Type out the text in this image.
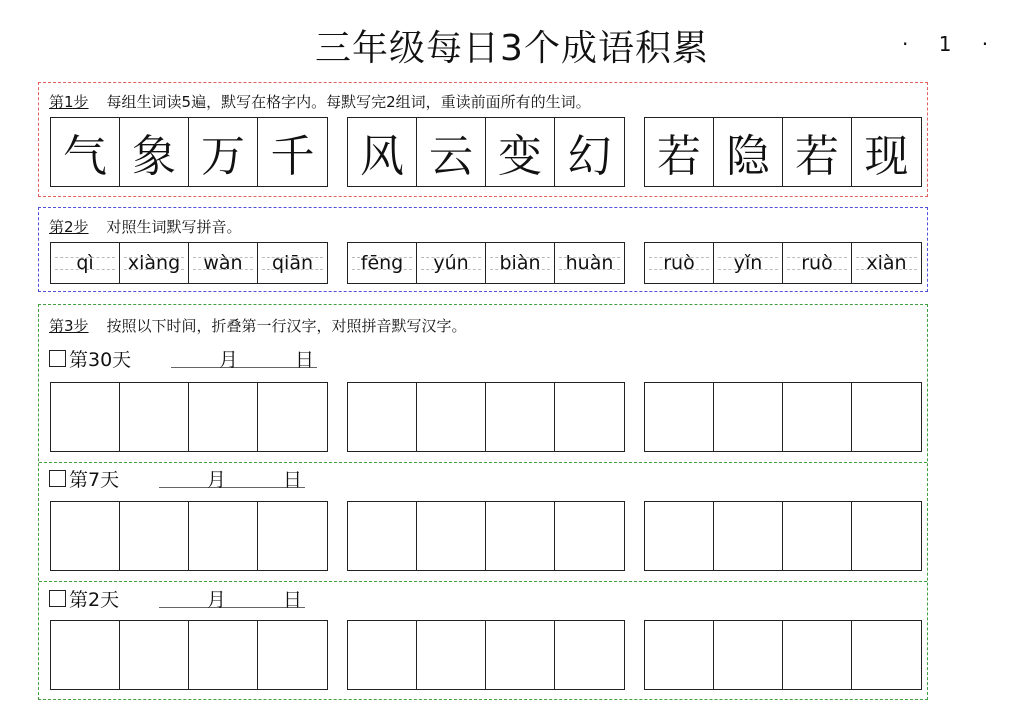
三年级每日3个成语积累	· 1 ·
第1步 每组生词读5遍，默写在格字内。每默写完2组词，重读前面所有的生词。
气 象 万 千 风 云 变 幻 若 隐 若 现
第2步 对照生词默写拼音。
qì xiàng wàn qiān	fēng yún biàn huàn	ruò yǐn ruò xiàn
第3步 按照以下时间，折叠第一行汉字，对照拼音默写汉字。
第30天	月	日
第7天	月	日
第2天	月	日
